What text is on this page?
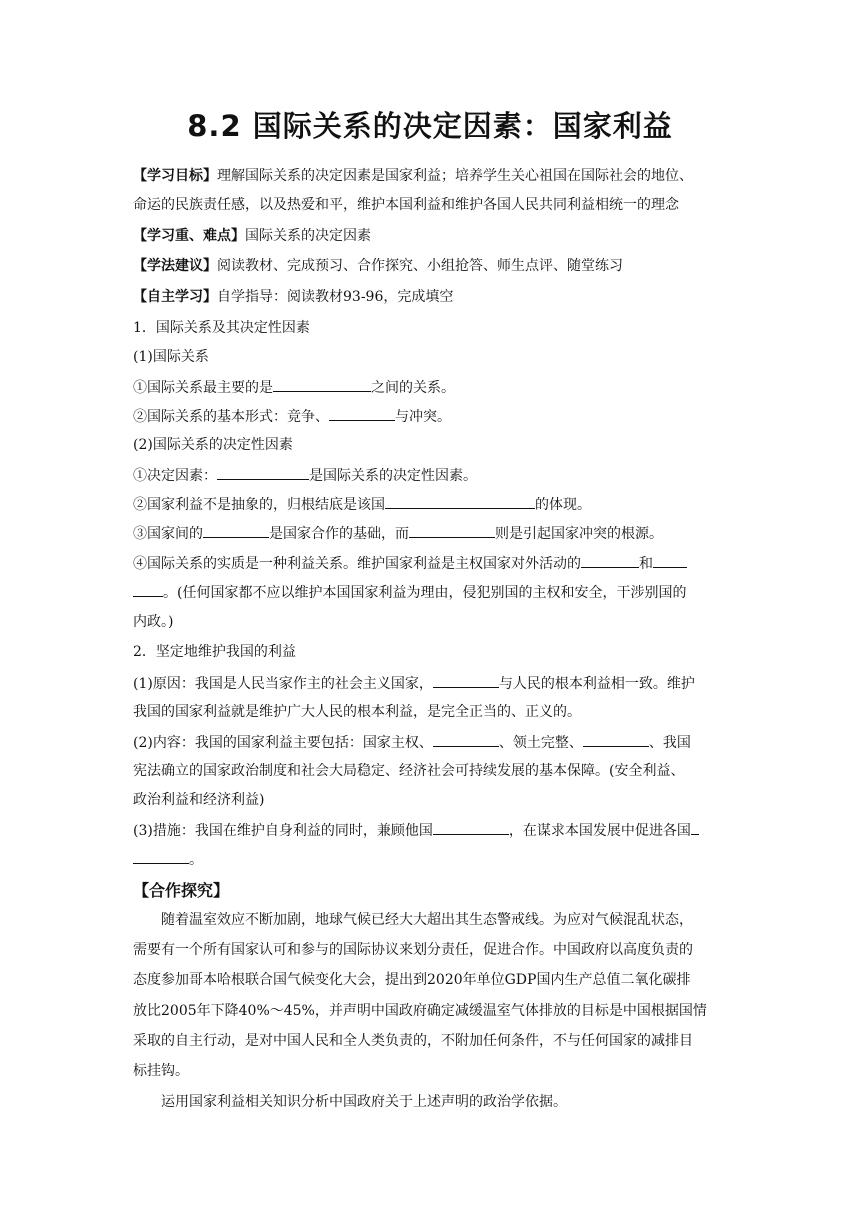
8.2 国际关系的决定因素：国家利益
【学习目标】理解国际关系的决定因素是国家利益；培养学生关心祖国在国际社会的地位、
命运的民族责任感，以及热爱和平，维护本国利益和维护各国人民共同利益相统一的理念
【学习重、难点】国际关系的决定因素
【学法建议】阅读教材、完成预习、合作探究、小组抢答、师生点评、随堂练习
【自主学习】自学指导：阅读教材93-96，完成填空
1．国际关系及其决定性因素
(1)国际关系
①国际关系最主要的是	之间的关系。
②国际关系的基本形式：竞争、	与冲突。
(2)国际关系的决定性因素
①决定因素：	是国际关系的决定性因素。
②国家利益不是抽象的，归根结底是该国	的体现。
③国家间的	是国家合作的基础，而	则是引起国家冲突的根源。
④国际关系的实质是一种利益关系。维护国家利益是主权国家对外活动的	和
。(任何国家都不应以维护本国国家利益为理由，侵犯别国的主权和安全，干涉别国的
内政。)
2．坚定地维护我国的利益
(1)原因：我国是人民当家作主的社会主义国家，	与人民的根本利益相一致。维护
我国的国家利益就是维护广大人民的根本利益，是完全正当的、正义的。
(2)内容：我国的国家利益主要包括：国家主权、	、领土完整、	、我国
宪法确立的国家政治制度和社会大局稳定、经济社会可持续发展的基本保障。(安全利益、
政治利益和经济利益)
(3)措施：我国在维护自身利益的同时，兼顾他国	，在谋求本国发展中促进各国
。
【合作探究】
随着温室效应不断加剧，地球气候已经大大超出其生态警戒线。为应对气候混乱状态，
需要有一个所有国家认可和参与的国际协议来划分责任，促进合作。中国政府以高度负责的
态度参加哥本哈根联合国气候变化大会，提出到2020年单位GDP国内生产总值二氧化碳排
放比2005年下降40%～45%，并声明中国政府确定减缓温室气体排放的目标是中国根据国情
采取的自主行动，是对中国人民和全人类负责的，不附加任何条件，不与任何国家的减排目
标挂钩。
运用国家利益相关知识分析中国政府关于上述声明的政治学依据。
